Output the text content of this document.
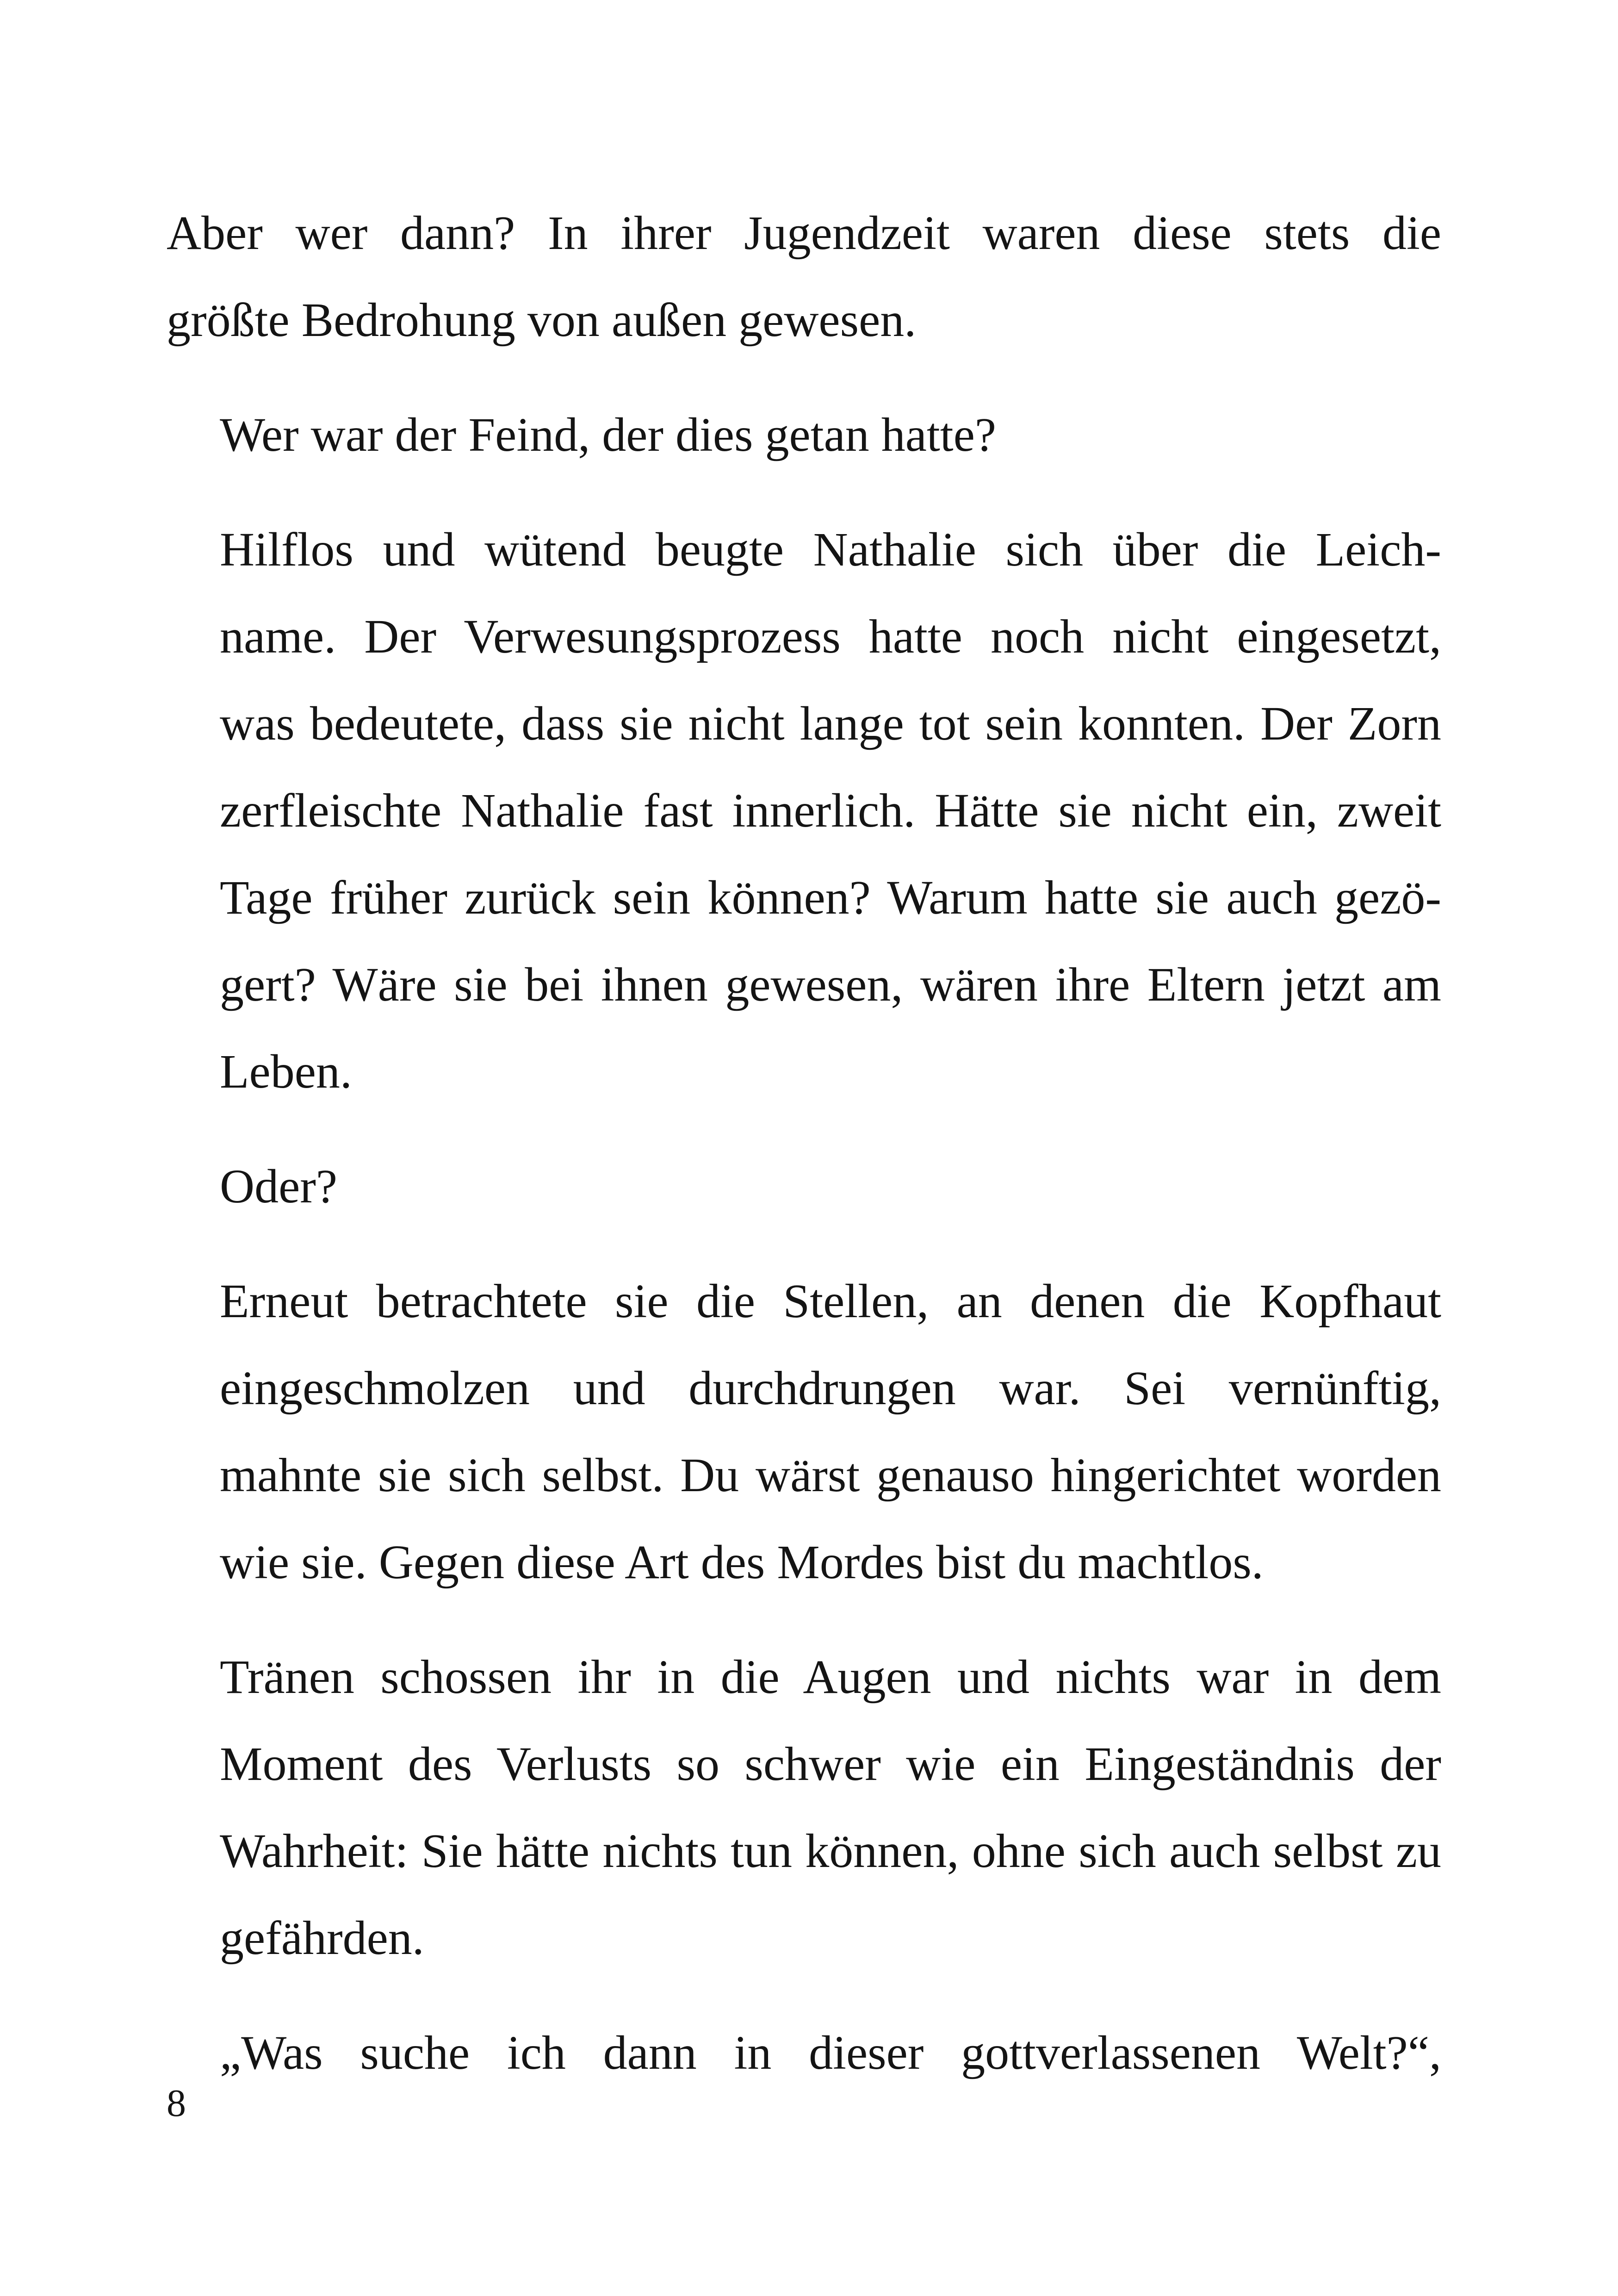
Aber wer dann? In ihrer Jugendzeit waren diese stets die
größte Bedrohung von außen gewesen.

Wer war der Feind, der dies getan hatte?

Hilflos und wütend beugte Nathalie sich über die Leich-
name. Der Verwesungsprozess hatte noch nicht eingesetzt,
was bedeutete, dass sie nicht lange tot sein konnten. Der Zorn
zerfleischte Nathalie fast innerlich. Hätte sie nicht ein, zweit
Tage früher zurück sein können? Warum hatte sie auch gezö-
gert? Wäre sie bei ihnen gewesen, wären ihre Eltern jetzt am
Leben.

Oder?

Erneut betrachtete sie die Stellen, an denen die Kopfhaut
eingeschmolzen und durchdrungen war. Sei vernünftig,
mahnte sie sich selbst. Du wärst genauso hingerichtet worden
wie sie. Gegen diese Art des Mordes bist du machtlos.

Tränen schossen ihr in die Augen und nichts war in dem
Moment des Verlusts so schwer wie ein Eingeständnis der
Wahrheit: Sie hätte nichts tun können, ohne sich auch selbst zu
gefährden.

„Was suche ich dann in dieser gottverlassenen Welt?“,

8
